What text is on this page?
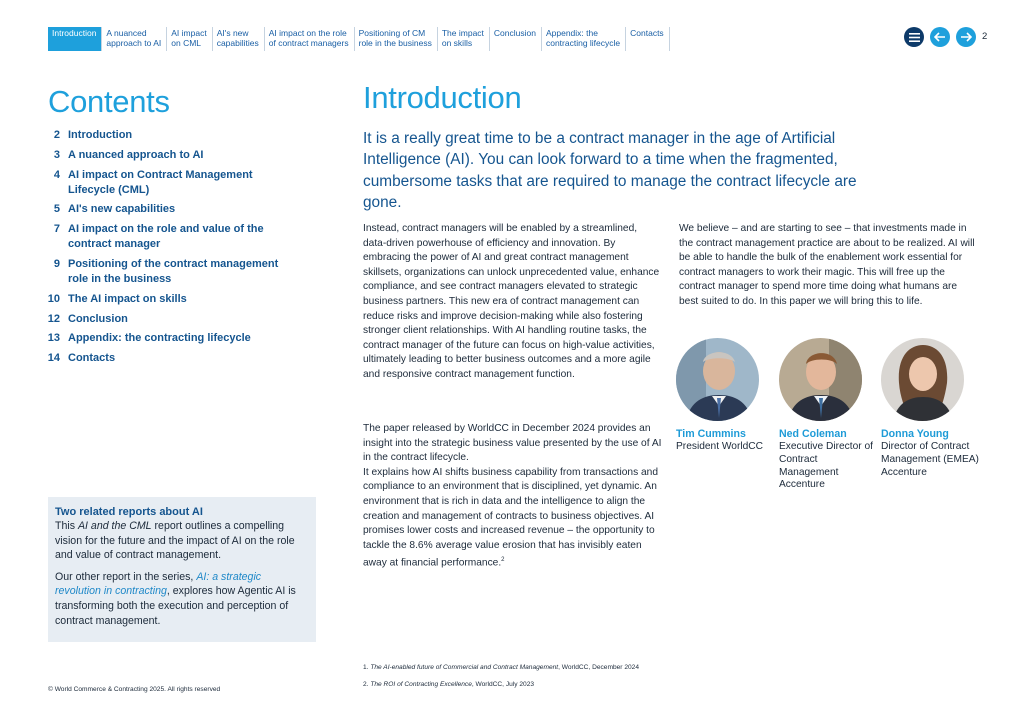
Introduction A nuanced
approach to AI
AI impact
on CML
AI's new
capabilities
AI impact on the role
of contract managers
Positioning of CM
role in the business
The impact
on skills
Conclusion Appendix: the
contracting lifecycle
Contacts	2
Contents
2 Introduction
3 A nuanced approach to AI
4 AI impact on Contract Management Lifecycle (CML)
5 AI's new capabilities
7 AI impact on the role and value of the contract manager
9 Positioning of the contract management role in the business
10 The AI impact on skills
12 Conclusion
13 Appendix: the contracting lifecycle
14 Contacts
Two related reports about AI

This AI and the CML report outlines a compelling vision for the future and the impact of AI on the role and value of contract management.

Our other report in the series, AI: a strategic revolution in contracting, explores how Agentic AI is transforming both the execution and perception of contract management.

© World Commerce & Contracting 2025. All rights reserved
Introduction

It is a really great time to be a contract manager in the age of Artificial Intelligence (AI). You can look forward to a time when the fragmented, cumbersome tasks that are required to manage the contract lifecycle are gone.

Instead, contract managers will be enabled by a streamlined, data-driven powerhouse of efficiency and innovation. By embracing the power of AI and great contract management skillsets, organizations can unlock unprecedented value, enhance compliance, and see contract managers elevated to strategic business partners. This new era of contract management can reduce risks and improve decision-making while also fostering stronger client relationships. With AI handling routine tasks, the contract manager of the future can focus on high-value activities, ultimately leading to better business outcomes and a more agile and responsive contract management function.
The paper released by WorldCC in December 2024 provides an insight into the strategic business value presented by the use of AI in the contract lifecycle.
It explains how AI shifts business capability from transactions and compliance to an environment that is disciplined, yet dynamic. An environment that is rich in data and the intelligence to align the creation and management of contracts to business objectives. AI promises lower costs and increased revenue – the opportunity to tackle the 8.6% average value erosion that has invisibly eaten away at financial performance.$^2$
We believe – and are starting to see – that investments made in the contract management practice are about to be realized. AI will be able to handle the bulk of the enablement work essential for contract managers to work their magic. This will free up the contract manager to spend more time doing what humans are best suited to do. In this paper we will bring this to life.
Tim Cummins
President WorldCC
Ned Coleman
Executive Director of Contract Management Accenture
Donna Young
Director of Contract Management (EMEA) Accenture
1. The AI-enabled future of Commercial and Contract Management, WorldCC, December 2024
2. The ROI of Contracting Excellence, WorldCC, July 2023
